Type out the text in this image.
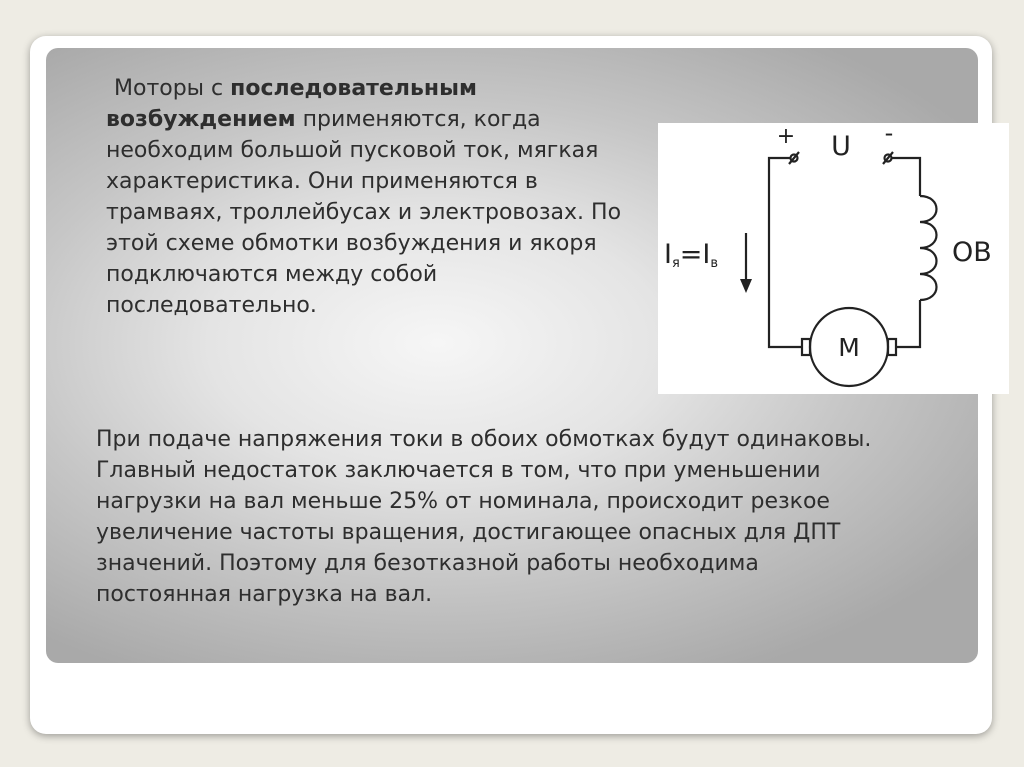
Моторы с последовательным возбуждением применяются, когда необходим большой пусковой ток, мягкая характеристика. Они применяются в трамваях, троллейбусах и электровозах. По этой схеме обмотки возбуждения и якоря подключаются между собой последовательно.
+	-
U
ОВ
М
Iя=Iв
При подаче напряжения токи в обоих обмотках будут одинаковы. Главный недостаток заключается в том, что при уменьшении нагрузки на вал меньше 25% от номинала, происходит резкое увеличение частоты вращения, достигающее опасных для ДПТ значений. Поэтому для безотказной работы необходима постоянная нагрузка на вал.
